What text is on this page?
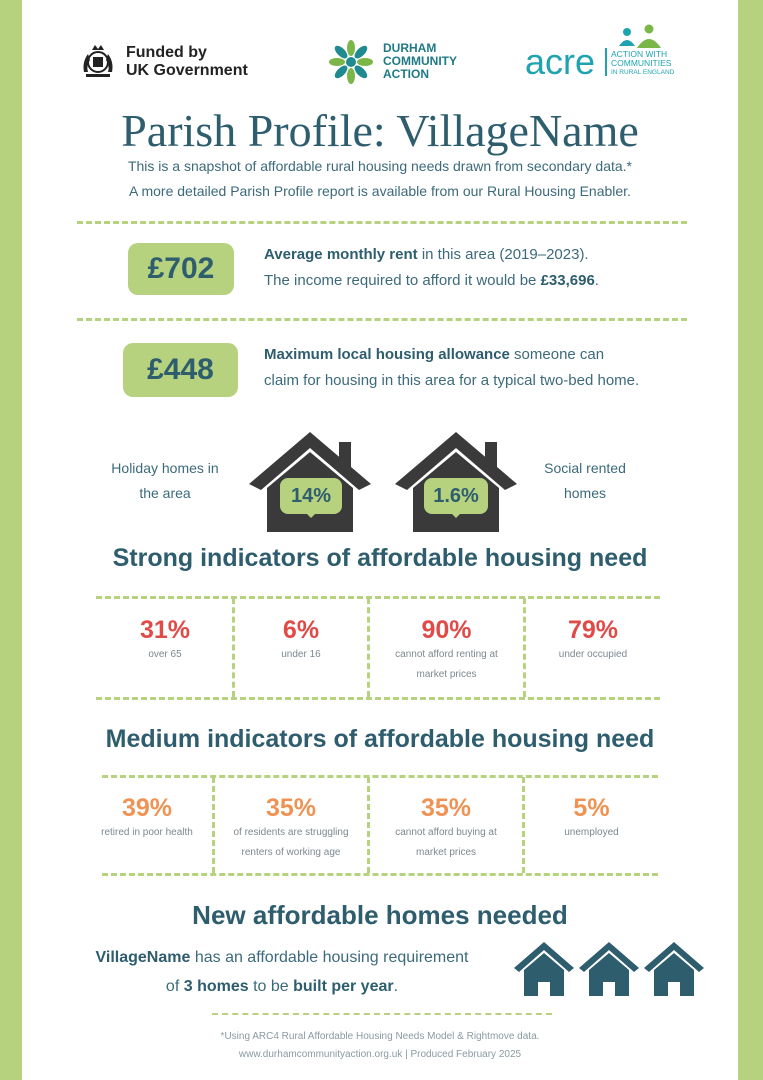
Funded by
UK Government
DURHAM
COMMUNITY
ACTION	acre ACTION WITH
COMMUNITIES
IN RURAL ENGLAND
Parish Profile: VillageName
This is a snapshot of affordable rural housing needs drawn from secondary data.*
A more detailed Parish Profile report is available from our Rural Housing Enabler.
£702	Average monthly rent in this area (2019–2023).
The income required to afford it would be £33,696.
£448	Maximum local housing allowance someone can
claim for housing in this area for a typical two-bed home.
Holiday homes in
the area	14%	1.6%
Social rented
homes
Strong indicators of affordable housing need
31%
over 65
6%
under 16
90%
cannot afford renting at
market prices
79%
under occupied
Medium indicators of affordable housing need
39%
retired in poor health
35%
of residents are struggling
renters of working age
35%
cannot afford buying at
market prices
5%
unemployed
New affordable homes needed
VillageName has an affordable housing requirement
of 3 homes to be built per year.
*Using ARC4 Rural Affordable Housing Needs Model & Rightmove data.
www.durhamcommunityaction.org.uk | Produced February 2025
